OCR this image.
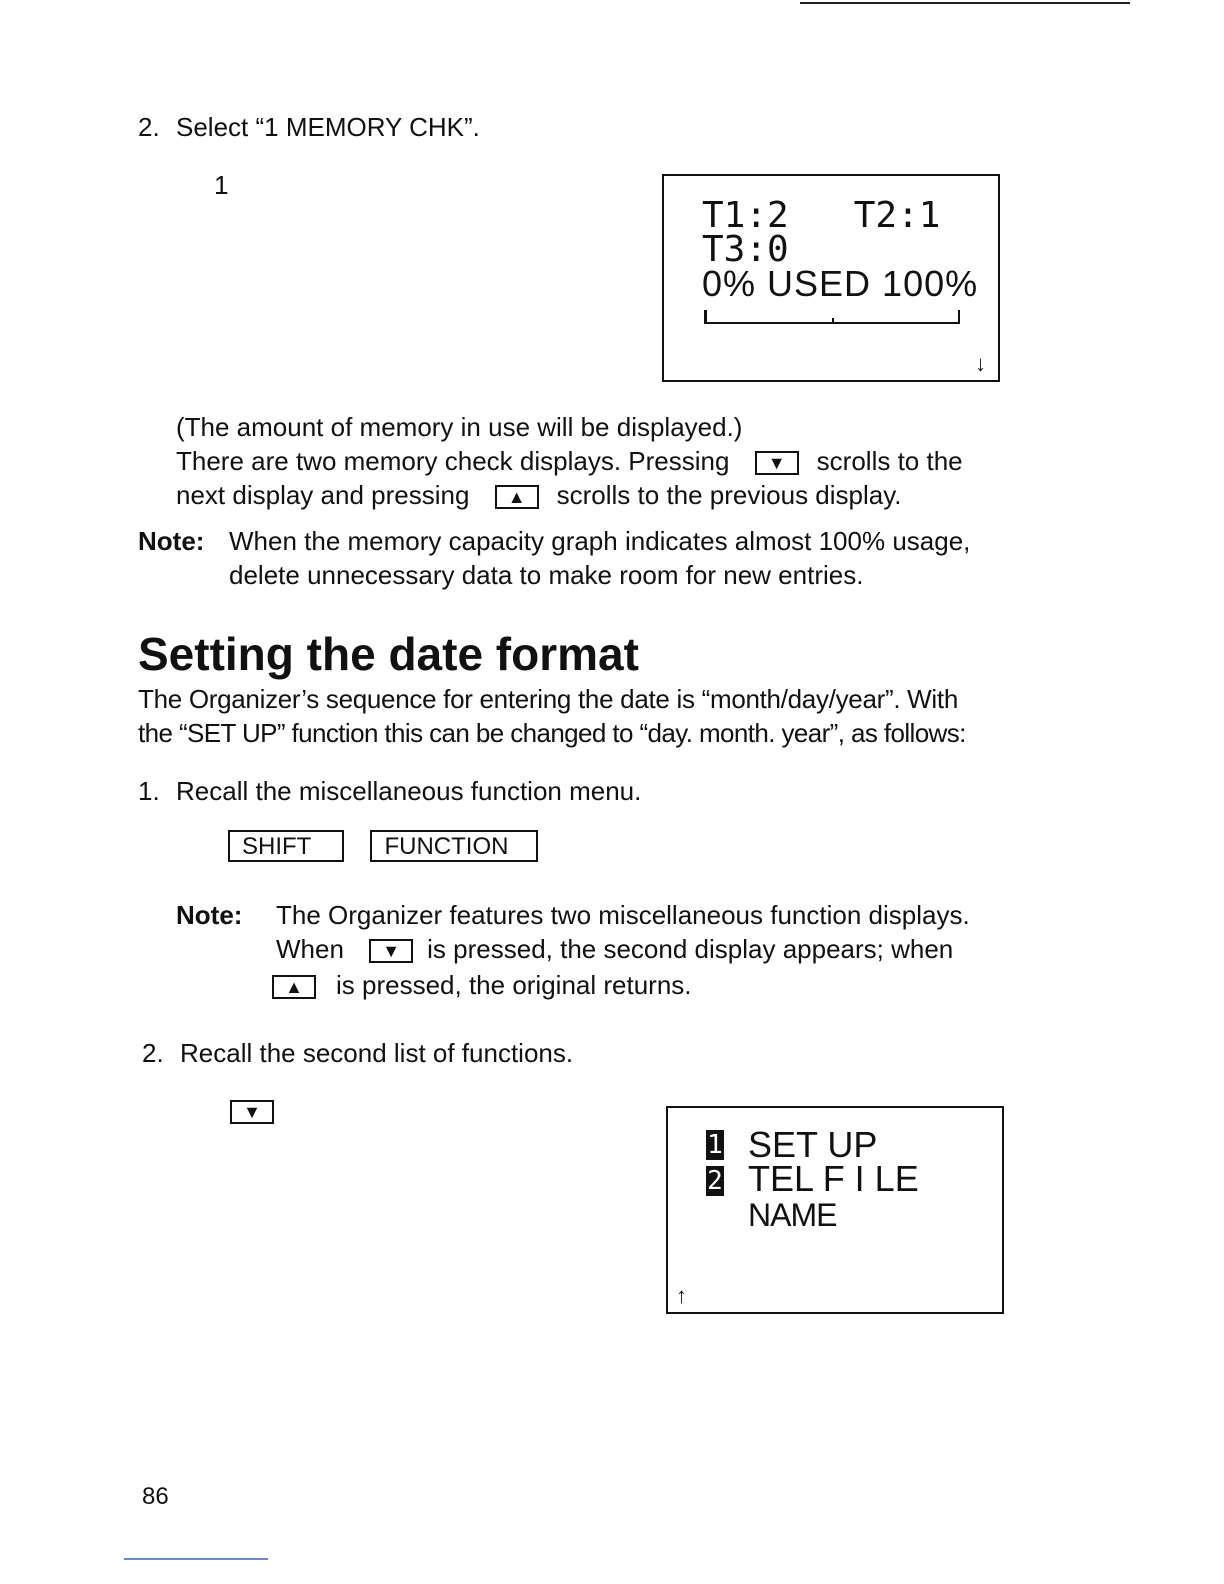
2. Select “1 MEMORY CHK”.
1
T1:2   T2:1
T3:0
0% USED 100%
↓
(The amount of memory in use will be displayed.)
There are two memory check displays. Pressing	▼	scrolls to the
next display and pressing	▲	scrolls to the previous display.
Note: When the memory capacity graph indicates almost 100% usage,
delete unnecessary data to make room for new entries.
Setting the date format
The Organizer’s sequence for entering the date is “month/day/year”. With
the “SET UP” function this can be changed to “day. month. year”, as follows:
1. Recall the miscellaneous function menu.
SHIFT	FUNCTION
Note: The Organizer features two miscellaneous function displays.
When	▼	is pressed, the second display appears; when
▲	is pressed, the original returns.
2. Recall the second list of functions.
▼
1 SET UP
2 TEL F I LE
NAME
↑
86
